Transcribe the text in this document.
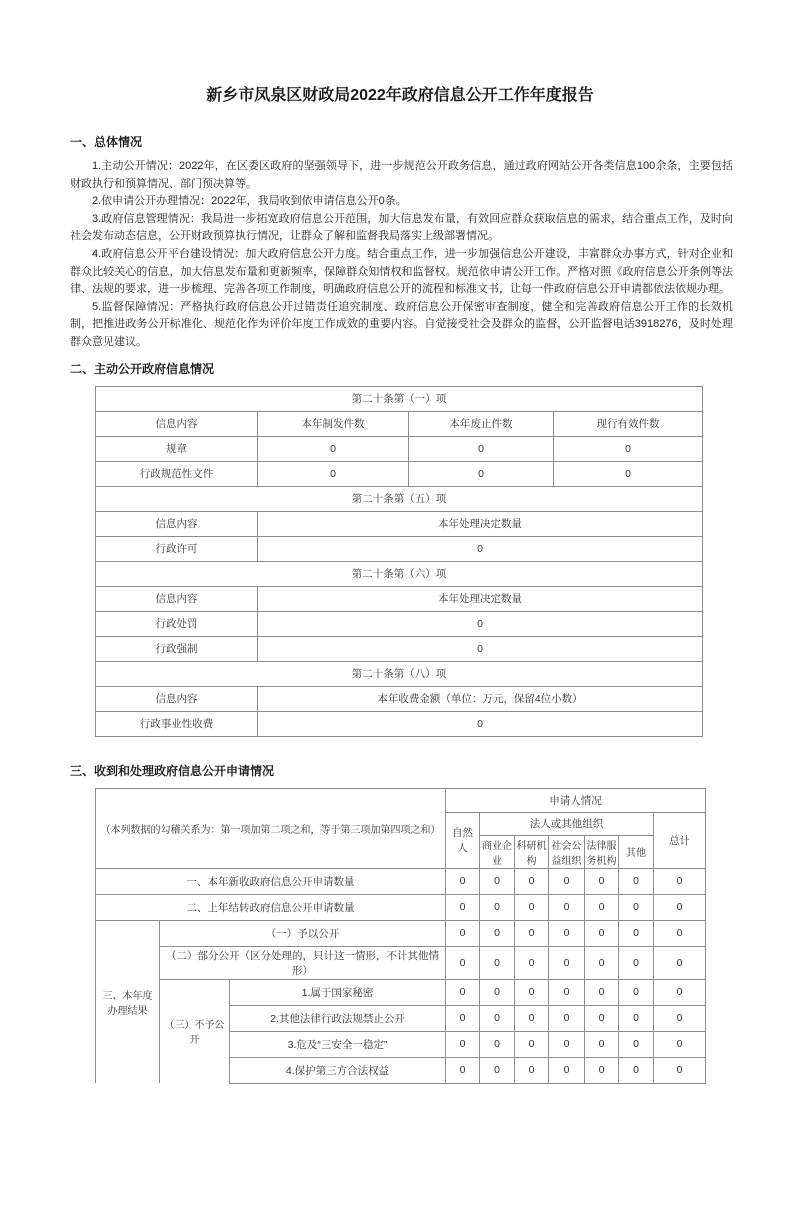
新乡市凤泉区财政局2022年政府信息公开工作年度报告
一、总体情况

1.主动公开情况：2022年，在区委区政府的坚强领导下，进一步规范公开政务信息，通过政府网站公开各类信息100余条，主要包括财政执行和预算情况、部门预决算等。

2.依申请公开办理情况：2022年，我局收到依申请信息公开0条。

3.政府信息管理情况：我局进一步拓宽政府信息公开范围，加大信息发布量，有效回应群众获取信息的需求，结合重点工作，及时向社会发布动态信息，公开财政预算执行情况，让群众了解和监督我局落实上级部署情况。

4.政府信息公开平台建设情况：加大政府信息公开力度。结合重点工作，进一步加强信息公开建设，丰富群众办事方式，针对企业和群众比较关心的信息，加大信息发布量和更新频率，保障群众知情权和监督权。规范依申请公开工作。严格对照《政府信息公开条例等法律、法规的要求，进一步梳理、完善各项工作制度，明确政府信息公开的流程和标准文书，让每一件政府信息公开申请都依法依规办理。

5.监督保障情况：严格执行政府信息公开过错责任追究制度、政府信息公开保密审查制度，健全和完善政府信息公开工作的长效机制，把推进政务公开标准化、规范化作为评价年度工作成效的重要内容。自觉接受社会及群众的监督，公开监督电话3918276，及时处理群众意见建议。

二、主动公开政府信息情况
第二十条第（一）项			
信息内容	本年制发件数	本年废止件数	现行有效件数
规章	0	0	0
行政规范性文件	0	0	0
第二十条第（五）项			
信息内容	本年处理决定数量		
行政许可	0		
第二十条第（六）项			
信息内容	本年处理决定数量		
行政处罚	0		
行政强制	0		
第二十条第（八）项			
信息内容	本年收费金额（单位：万元，保留4位小数）		
行政事业性收费	0		
三、收到和处理政府信息公开申请情况
（本列数据的勾稽关系为：第一项加第二项之和，等于第三项加第四项之和）			申请人情况						
			自然人	法人或其他组织					总计
				商业企业	科研机构	社会公益组织	法律服务机构	其他	
一、本年新收政府信息公开申请数量			0	0	0	0	0	0	0
二、上年结转政府信息公开申请数量			0	0	0	0	0	0	0
三、本年度办理结果	（一）予以公开		0	0	0	0	0	0	0
	（二）部分公开（区分处理的，只计这一情形，不计其他情形）		0	0	0	0	0	0	0
	（三）不予公开	1.属于国家秘密	0	0	0	0	0	0	0
		2.其他法律行政法规禁止公开	0	0	0	0	0	0	0
		3.危及“三安全一稳定”	0	0	0	0	0	0	0
		4.保护第三方合法权益	0	0	0	0	0	0	0
